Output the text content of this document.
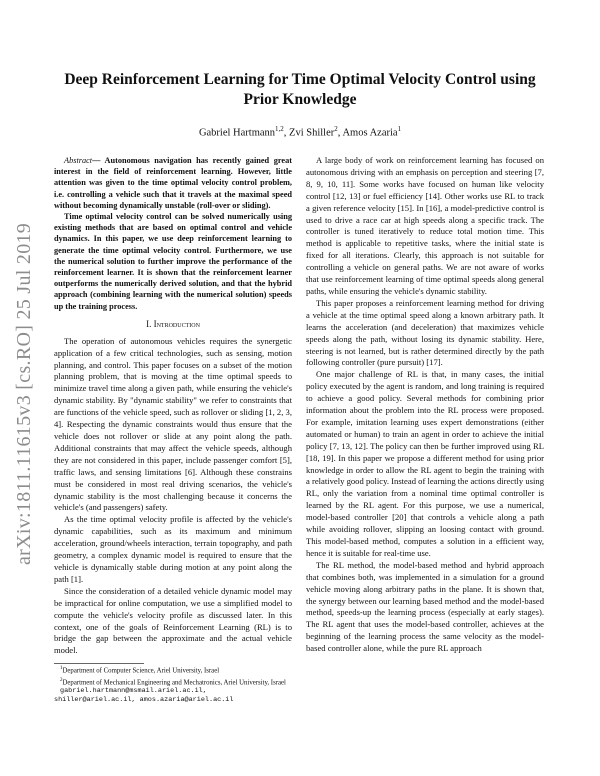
arXiv:1811.11615v3 [cs.RO] 25 Jul 2019
Deep Reinforcement Learning for Time Optimal Velocity Control using Prior Knowledge
Gabriel Hartmann$^{1,2}$, Zvi Shiller$^2$, Amos Azaria$^1$

Abstract— Autonomous navigation has recently gained great interest in the field of reinforcement learning. However, little attention was given to the time optimal velocity control problem, i.e. controlling a vehicle such that it travels at the maximal speed without becoming dynamically unstable (roll-over or sliding).

Time optimal velocity control can be solved numerically using existing methods that are based on optimal control and vehicle dynamics. In this paper, we use deep reinforcement learning to generate the time optimal velocity control. Furthermore, we use the numerical solution to further improve the performance of the reinforcement learner. It is shown that the reinforcement learner outperforms the numerically derived solution, and that the hybrid approach (combining learning with the numerical solution) speeds up the training process.

I. Introduction

The operation of autonomous vehicles requires the synergetic application of a few critical technologies, such as sensing, motion planning, and control. This paper focuses on a subset of the motion planning problem, that is moving at the time optimal speeds to minimize travel time along a given path, while ensuring the vehicle's dynamic stability. By "dynamic stability" we refer to constraints that are functions of the vehicle speed, such as rollover or sliding [1, 2, 3, 4]. Respecting the dynamic constraints would thus ensure that the vehicle does not rollover or slide at any point along the path. Additional constraints that may affect the vehicle speeds, although they are not considered in this paper, include passenger comfort [5], traffic laws, and sensing limitations [6]. Although these constrains must be considered in most real driving scenarios, the vehicle's dynamic stability is the most challenging because it concerns the vehicle's (and passengers) safety.

As the time optimal velocity profile is affected by the vehicle's dynamic capabilities, such as its maximum and minimum acceleration, ground/wheels interaction, terrain topography, and path geometry, a complex dynamic model is required to ensure that the vehicle is dynamically stable during motion at any point along the path [1].

Since the consideration of a detailed vehicle dynamic model may be impractical for online computation, we use a simplified model to compute the vehicle's velocity profile as discussed later. In this context, one of the goals of Reinforcement Learning (RL) is to bridge the gap between the approximate and the actual vehicle model.

$^1$Department of Computer Science, Ariel University, Israel
$^2$Department of Mechanical Engineering and Mechatronics, Ariel University, Israel
gabriel.hartmann@msmail.ariel.ac.il,
shiller@ariel.ac.il, amos.azaria@ariel.ac.il

A large body of work on reinforcement learning has focused on autonomous driving with an emphasis on perception and steering [7, 8, 9, 10, 11]. Some works have focused on human like velocity control [12, 13] or fuel efficiency [14]. Other works use RL to track a given reference velocity [15]. In [16], a model-predictive control is used to drive a race car at high speeds along a specific track. The controller is tuned iteratively to reduce total motion time. This method is applicable to repetitive tasks, where the initial state is fixed for all iterations. Clearly, this approach is not suitable for controlling a vehicle on general paths. We are not aware of works that use reinforcement learning of time optimal speeds along general paths, while ensuring the vehicle's dynamic stability.

This paper proposes a reinforcement learning method for driving a vehicle at the time optimal speed along a known arbitrary path. It learns the acceleration (and deceleration) that maximizes vehicle speeds along the path, without losing its dynamic stability. Here, steering is not learned, but is rather determined directly by the path following controller (pure pursuit) [17].

One major challenge of RL is that, in many cases, the initial policy executed by the agent is random, and long training is required to achieve a good policy. Several methods for combining prior information about the problem into the RL process were proposed. For example, imitation learning uses expert demonstrations (either automated or human) to train an agent in order to achieve the initial policy [7, 13, 12]. The policy can then be further improved using RL [18, 19]. In this paper we propose a different method for using prior knowledge in order to allow the RL agent to begin the training with a relatively good policy. Instead of learning the actions directly using RL, only the variation from a nominal time optimal controller is learned by the RL agent. For this purpose, we use a numerical, model-based controller [20] that controls a vehicle along a path while avoiding rollover, slipping an loosing contact with ground. This model-based method, computes a solution in a efficient way, hence it is suitable for real-time use.

The RL method, the model-based method and hybrid approach that combines both, was implemented in a simulation for a ground vehicle moving along arbitrary paths in the plane. It is shown that, the synergy between our learning based method and the model-based method, speeds-up the learning process (especially at early stages). The RL agent that uses the model-based controller, achieves at the beginning of the learning process the same velocity as the model-based controller alone, while the pure RL approach
